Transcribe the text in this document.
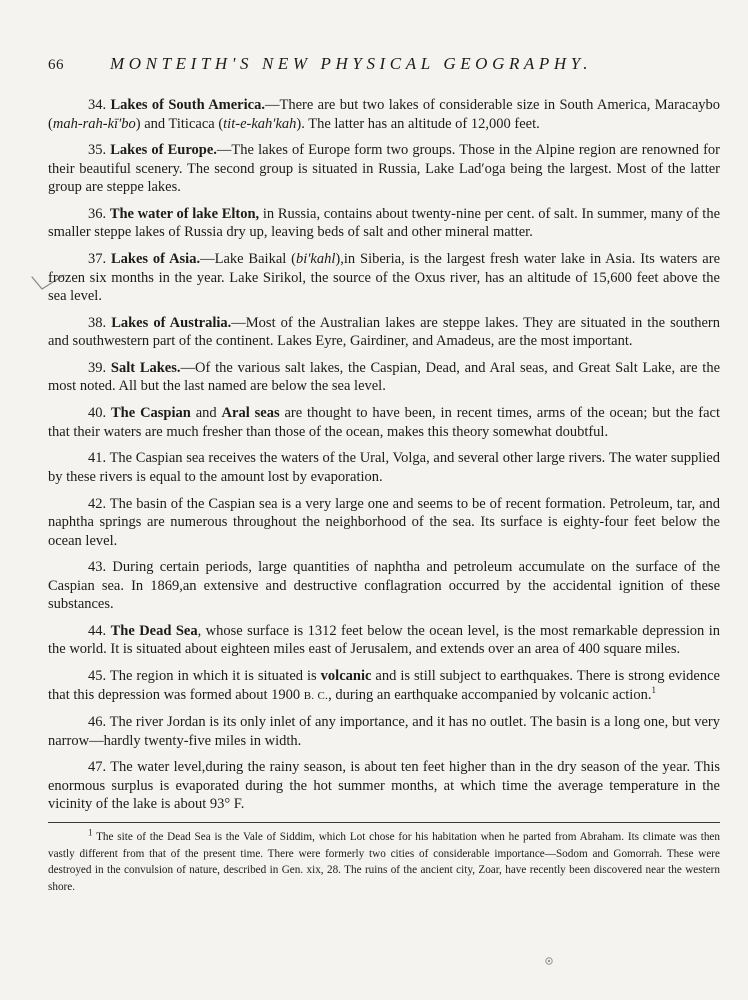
66	MONTEITH'S NEW PHYSICAL GEOGRAPHY.

34. Lakes of South America.—There are but two lakes of considerable size in South America, Maracaybo (mah-rah-kī′bo) and Titicaca (tit-e-kah′kah). The latter has an altitude of 12,000 feet.

35. Lakes of Europe.—The lakes of Europe form two groups. Those in the Alpine region are renowned for their beautiful scenery. The second group is situated in Russia, Lake Lad′oga being the largest. Most of the latter group are steppe lakes.

36. The water of lake Elton, in Russia, contains about twenty-nine per cent. of salt. In summer, many of the smaller steppe lakes of Russia dry up, leaving beds of salt and other mineral matter.

37. Lakes of Asia.—Lake Baikal (bi′kahl),in Siberia, is the largest fresh water lake in Asia. Its waters are frozen six months in the year. Lake Sirikol, the source of the Oxus river, has an altitude of 15,600 feet above the sea level.

38. Lakes of Australia.—Most of the Australian lakes are steppe lakes. They are situated in the southern and southwestern part of the continent. Lakes Eyre, Gairdiner, and Amadeus, are the most important.

39. Salt Lakes.—Of the various salt lakes, the Caspian, Dead, and Aral seas, and Great Salt Lake, are the most noted. All but the last named are below the sea level.

40. The Caspian and Aral seas are thought to have been, in recent times, arms of the ocean; but the fact that their waters are much fresher than those of the ocean, makes this theory somewhat doubtful.

41. The Caspian sea receives the waters of the Ural, Volga, and several other large rivers. The water supplied by these rivers is equal to the amount lost by evaporation.

42. The basin of the Caspian sea is a very large one and seems to be of recent formation. Petroleum, tar, and naphtha springs are numerous throughout the neighborhood of the sea. Its surface is eighty-four feet below the ocean level.

43. During certain periods, large quantities of naphtha and petroleum accumulate on the surface of the Caspian sea. In 1869,an extensive and destructive conflagration occurred by the accidental ignition of these substances.

44. The Dead Sea, whose surface is 1312 feet below the ocean level, is the most remarkable depression in the world. It is situated about eighteen miles east of Jerusalem, and extends over an area of 400 square miles.

45. The region in which it is situated is volcanic and is still subject to earthquakes. There is strong evidence that this depression was formed about 1900 B. C., during an earthquake accompanied by volcanic action.$^1$

46. The river Jordan is its only inlet of any importance, and it has no outlet. The basin is a long one, but very narrow—hardly twenty-five miles in width.

47. The water level,during the rainy season, is about ten feet higher than in the dry season of the year. This enormous surplus is evaporated during the hot summer months, at which time the average temperature in the vicinity of the lake is about 93° F.

$^1$ The site of the Dead Sea is the Vale of Siddim, which Lot chose for his habitation when he parted from Abraham. Its climate was then vastly different from that of the present time. There were formerly two cities of considerable importance—Sodom and Gomorrah. These were destroyed in the convulsion of nature, described in Gen. xix, 28. The ruins of the ancient city, Zoar, have recently been discovered near the western shore.
